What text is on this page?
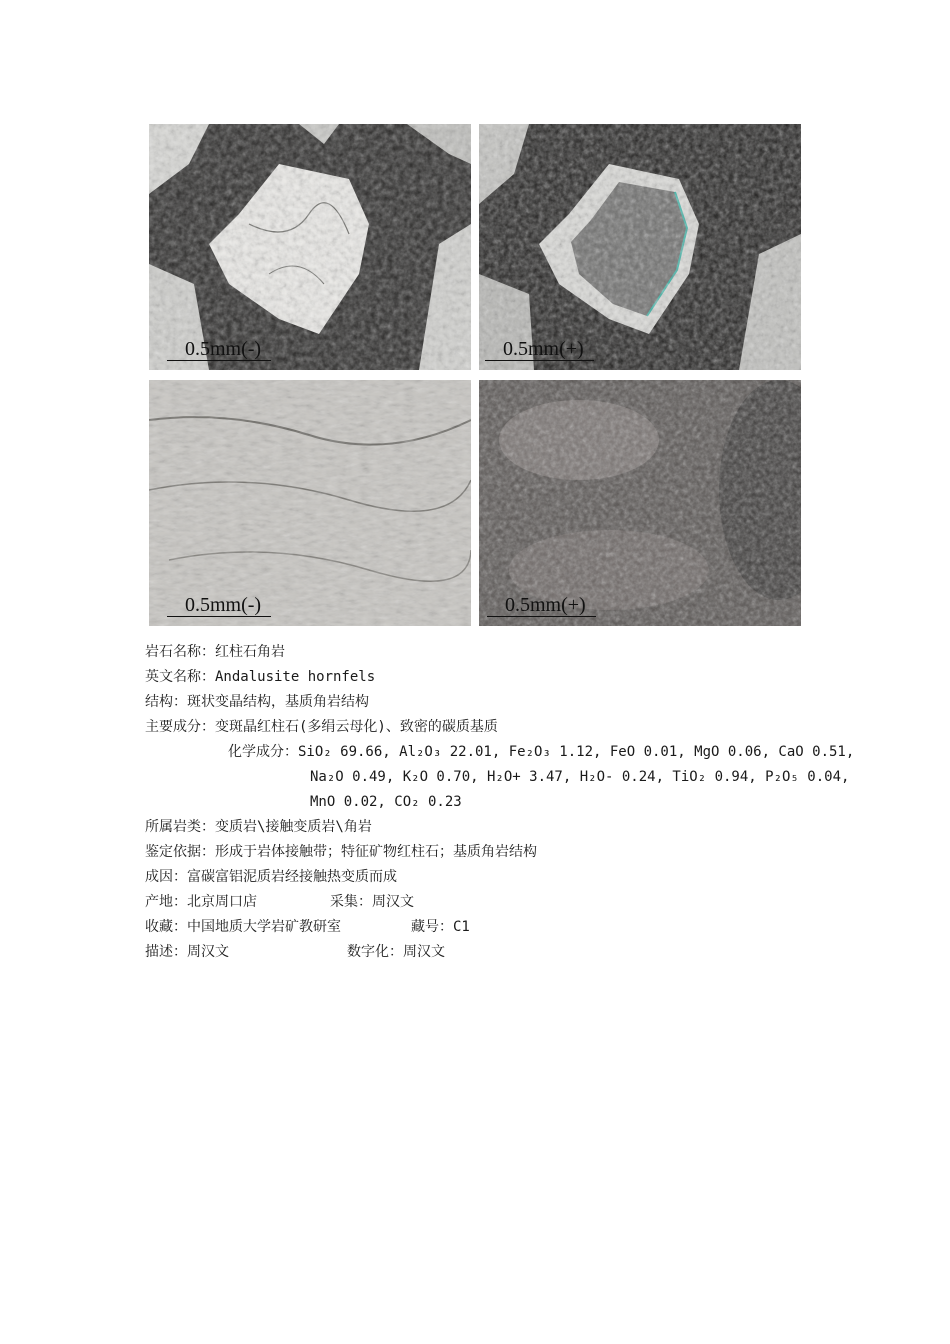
0.5mm(-)	0.5mm(+)
0.5mm(-)	0.5mm(+)
岩石名称：红柱石角岩
英文名称：Andalusite hornfels
结构：斑状变晶结构，基质角岩结构
主要成分：变斑晶红柱石(多绢云母化)、致密的碳质基质
化学成分：SiO₂ 69.66, Al₂O₃ 22.01, Fe₂O₃ 1.12, FeO 0.01, MgO 0.06, CaO 0.51,
Na₂O 0.49, K₂O 0.70, H₂O+ 3.47, H₂O- 0.24, TiO₂ 0.94, P₂O₅ 0.04,
MnO 0.02, CO₂ 0.23
所属岩类：变质岩\接触变质岩\角岩
鉴定依据：形成于岩体接触带；特征矿物红柱石；基质角岩结构
成因：富碳富铝泥质岩经接触热变质而成
产地：北京周口店	采集：周汉文
收藏：中国地质大学岩矿教研室	藏号：C1
描述：周汉文	数字化：周汉文
